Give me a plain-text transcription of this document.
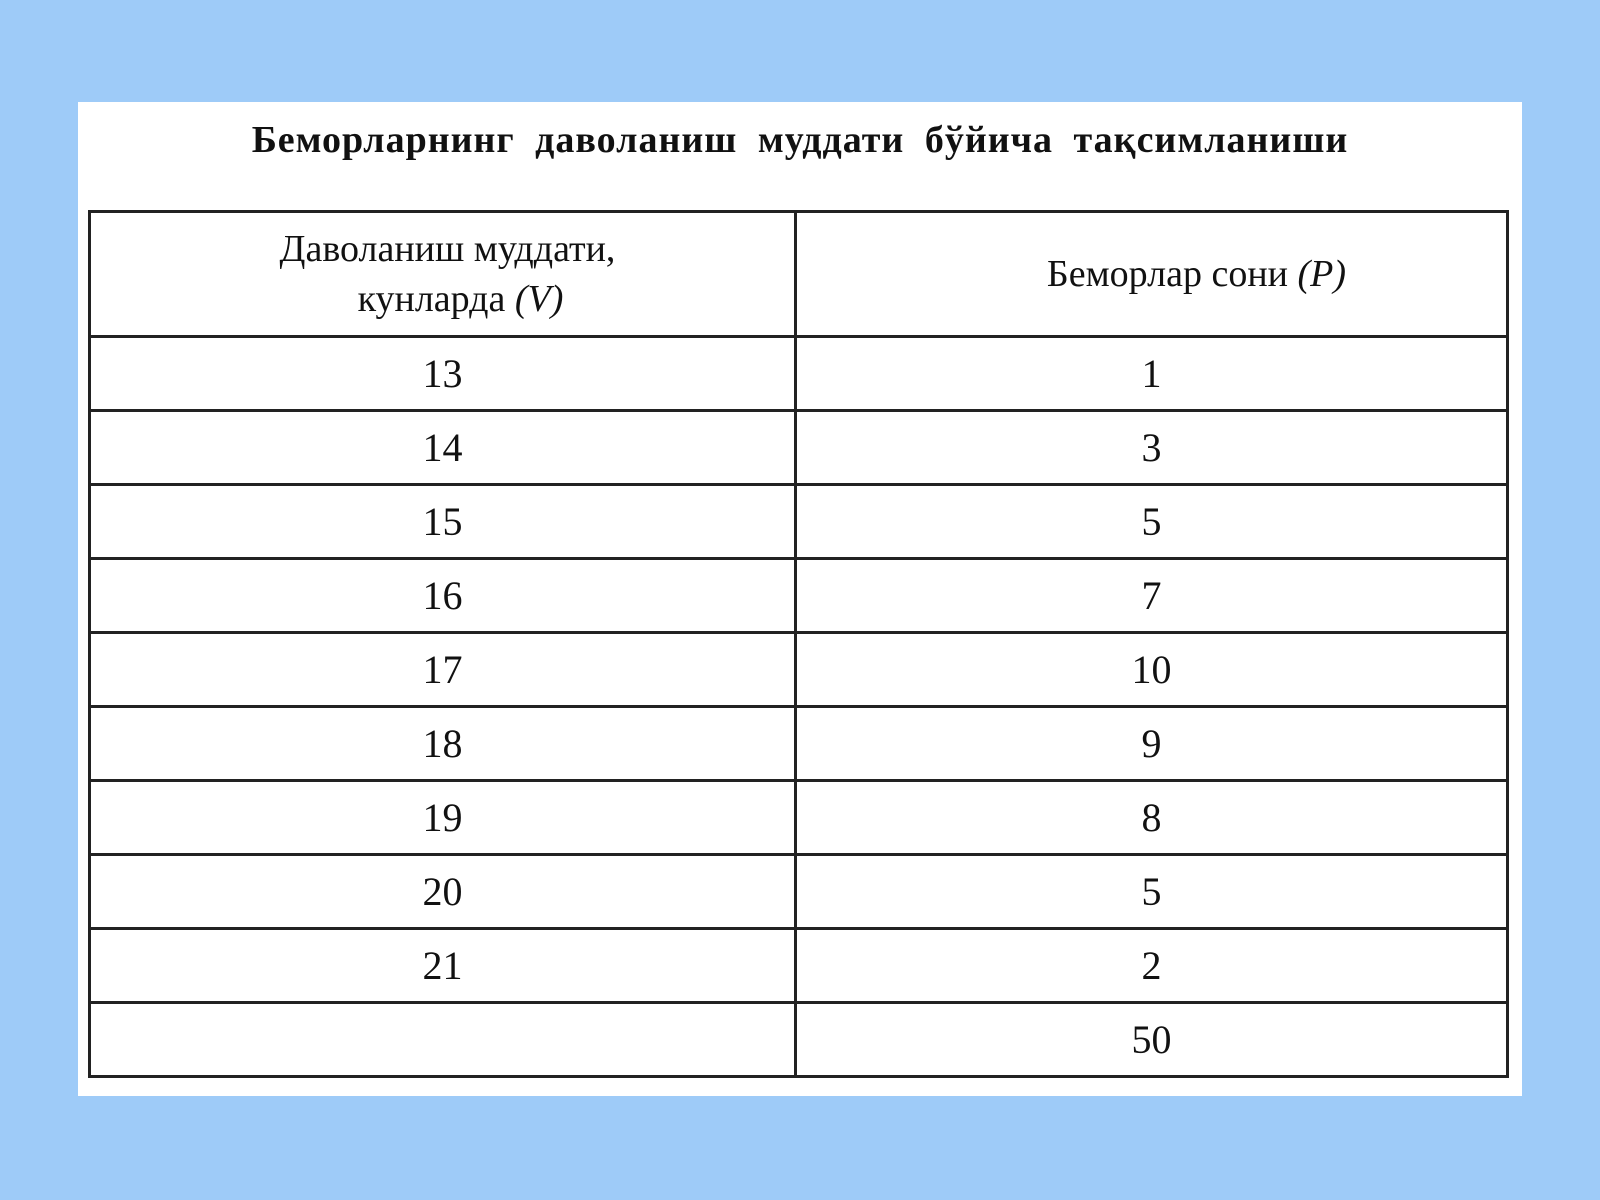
Беморларнинг даволаниш муддати бўйича тақсимланиши
Даволаниш муддати,
кунларда (V)	Беморлар сони (P)
13	1
14	3
15	5
16	7
17	10
18	9
19	8
20	5
21	2
	50
